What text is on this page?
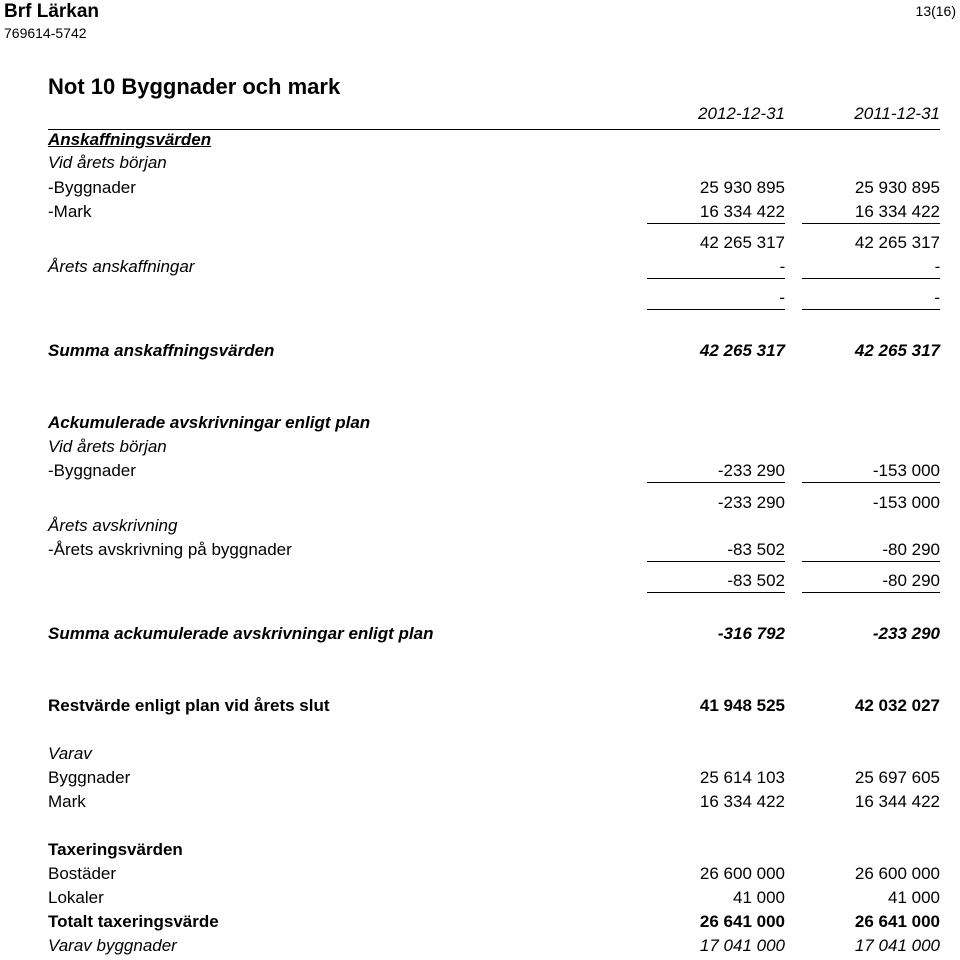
Brf Lärkan
769614-5742
13(16)
Not 10 Byggnader och mark
2012-12-31	2011-12-31
Anskaffningsvärden
Vid årets början
-Byggnader	25 930 895	25 930 895
-Mark	16 334 422	16 334 422
42 265 317	42 265 317
Årets anskaffningar	-	-
-	-
Summa anskaffningsvärden	42 265 317	42 265 317
Ackumulerade avskrivningar enligt plan
Vid årets början
-Byggnader	-233 290	-153 000
-233 290	-153 000
Årets avskrivning
-Årets avskrivning på byggnader	-83 502	-80 290
-83 502	-80 290
Summa ackumulerade avskrivningar enligt plan	-316 792	-233 290
Restvärde enligt plan vid årets slut	41 948 525	42 032 027
Varav
Byggnader	25 614 103	25 697 605
Mark	16 334 422	16 344 422
Taxeringsvärden
Bostäder	26 600 000	26 600 000
Lokaler	41 000	41 000
Totalt taxeringsvärde	26 641 000	26 641 000
Varav byggnader	17 041 000	17 041 000
